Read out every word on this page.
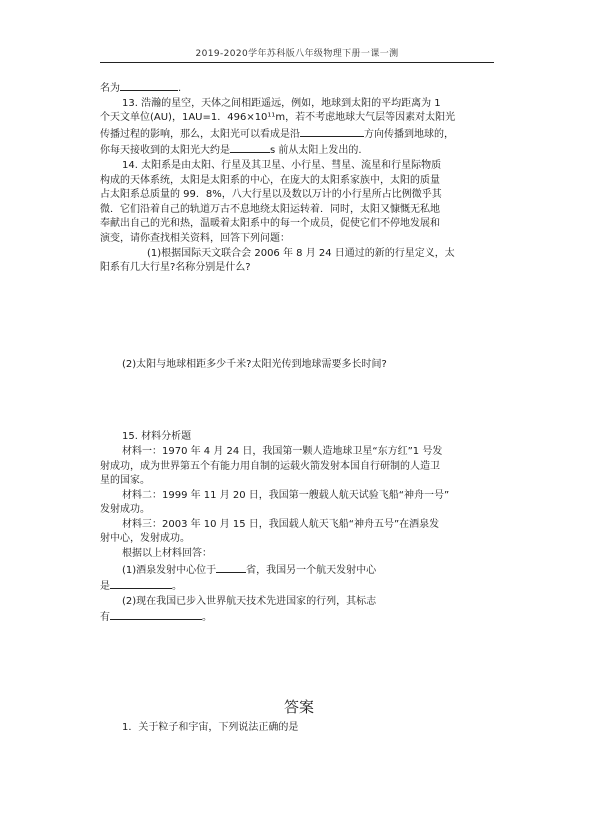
2019-2020学年苏科版八年级物理下册一课一测

名为	.

13. 浩瀚的星空，天体之间相距遥远，例如，地球到太阳的平均距离为 1

个天文单位(AU)，1AU=1．496×10¹¹m，若不考虑地球大气层等因素对太阳光

传播过程的影响，那么，太阳光可以看成是沿	方向传播到地球的，

你每天接收到的太阳光大约是	s 前从太阳上发出的.

14. 太阳系是由太阳、行星及其卫星、小行星、彗星、流星和行星际物质

构成的天体系统，太阳是太阳系的中心，在庞大的太阳系家族中，太阳的质量

占太阳系总质量的 99．8%，八大行星以及数以万计的小行星所占比例微乎其

微．它们沿着自己的轨道万古不息地绕太阳运转着．同时，太阳又慷慨无私地

奉献出自己的光和热，温暖着太阳系中的每一个成员，促使它们不停地发展和

演变，请你查找相关资料，回答下列问题：

(1)根据国际天文联合会 2006 年 8 月 24 日通过的新的行星定义，太

阳系有几大行星?名称分别是什么?

(2)太阳与地球相距多少千米?太阳光传到地球需要多长时间?

15. 材料分析题

材料一：1970 年 4 月 24 日，我国第一颗人造地球卫星“东方红”1 号发

射成功，成为世界第五个有能力用自制的运载火箭发射本国自行研制的人造卫

星的国家。

材料二：1999 年 11 月 20 日，我国第一艘载人航天试验飞船“神舟一号”

发射成功。

材料三：2003 年 10 月 15 日，我国载人航天飞船“神舟五号”在酒泉发

射中心，发射成功。

根据以上材料回答：

(1)酒泉发射中心位于	省，我国另一个航天发射中心

是	。

(2)现在我国已步入世界航天技术先进国家的行列，其标志

有	。

答案

1．关于粒子和宇宙，下列说法正确的是
